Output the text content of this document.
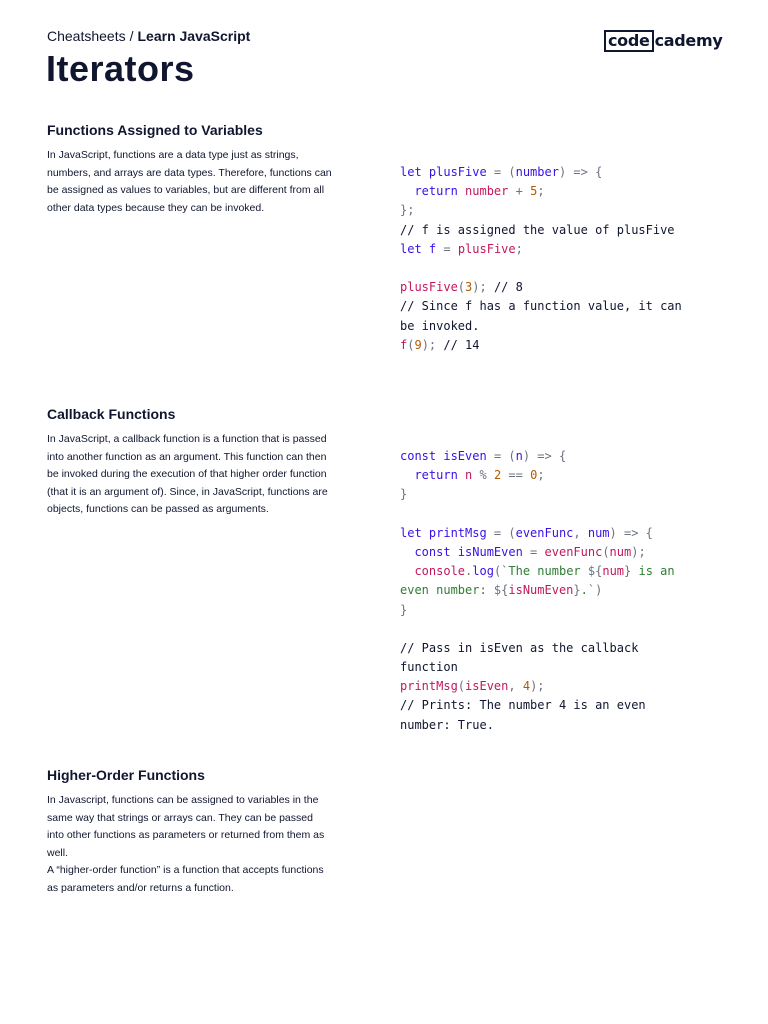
Cheatsheets / Learn JavaScript	code cademy
Iterators
Functions Assigned to Variables

In JavaScript, functions are a data type just as strings, numbers, and arrays are data types. Therefore, functions can be assigned as values to variables, but are different from all other data types because they can be invoked.

let plusFive = (number) => {
return number + 5;
};
// f is assigned the value of plusFive
let f = plusFive;

plusFive(3); // 8
// Since f has a function value, it can
be invoked.
f(9); // 14
Callback Functions

In JavaScript, a callback function is a function that is passed into another function as an argument. This function can then be invoked during the execution of that higher order function (that it is an argument of). Since, in JavaScript, functions are objects, functions can be passed as arguments.

const isEven = (n) => {
return n % 2 == 0;
}

let printMsg = (evenFunc, num) => {
const isNumEven = evenFunc(num);
console.log(`The number ${num} is an
even number: ${isNumEven}.`)
}

// Pass in isEven as the callback
function
printMsg(isEven, 4);
// Prints: The number 4 is an even
number: True.
Higher-Order Functions

In Javascript, functions can be assigned to variables in the same way that strings or arrays can. They can be passed into other functions as parameters or returned from them as well.

A “higher-order function” is a function that accepts functions as parameters and/or returns a function.
